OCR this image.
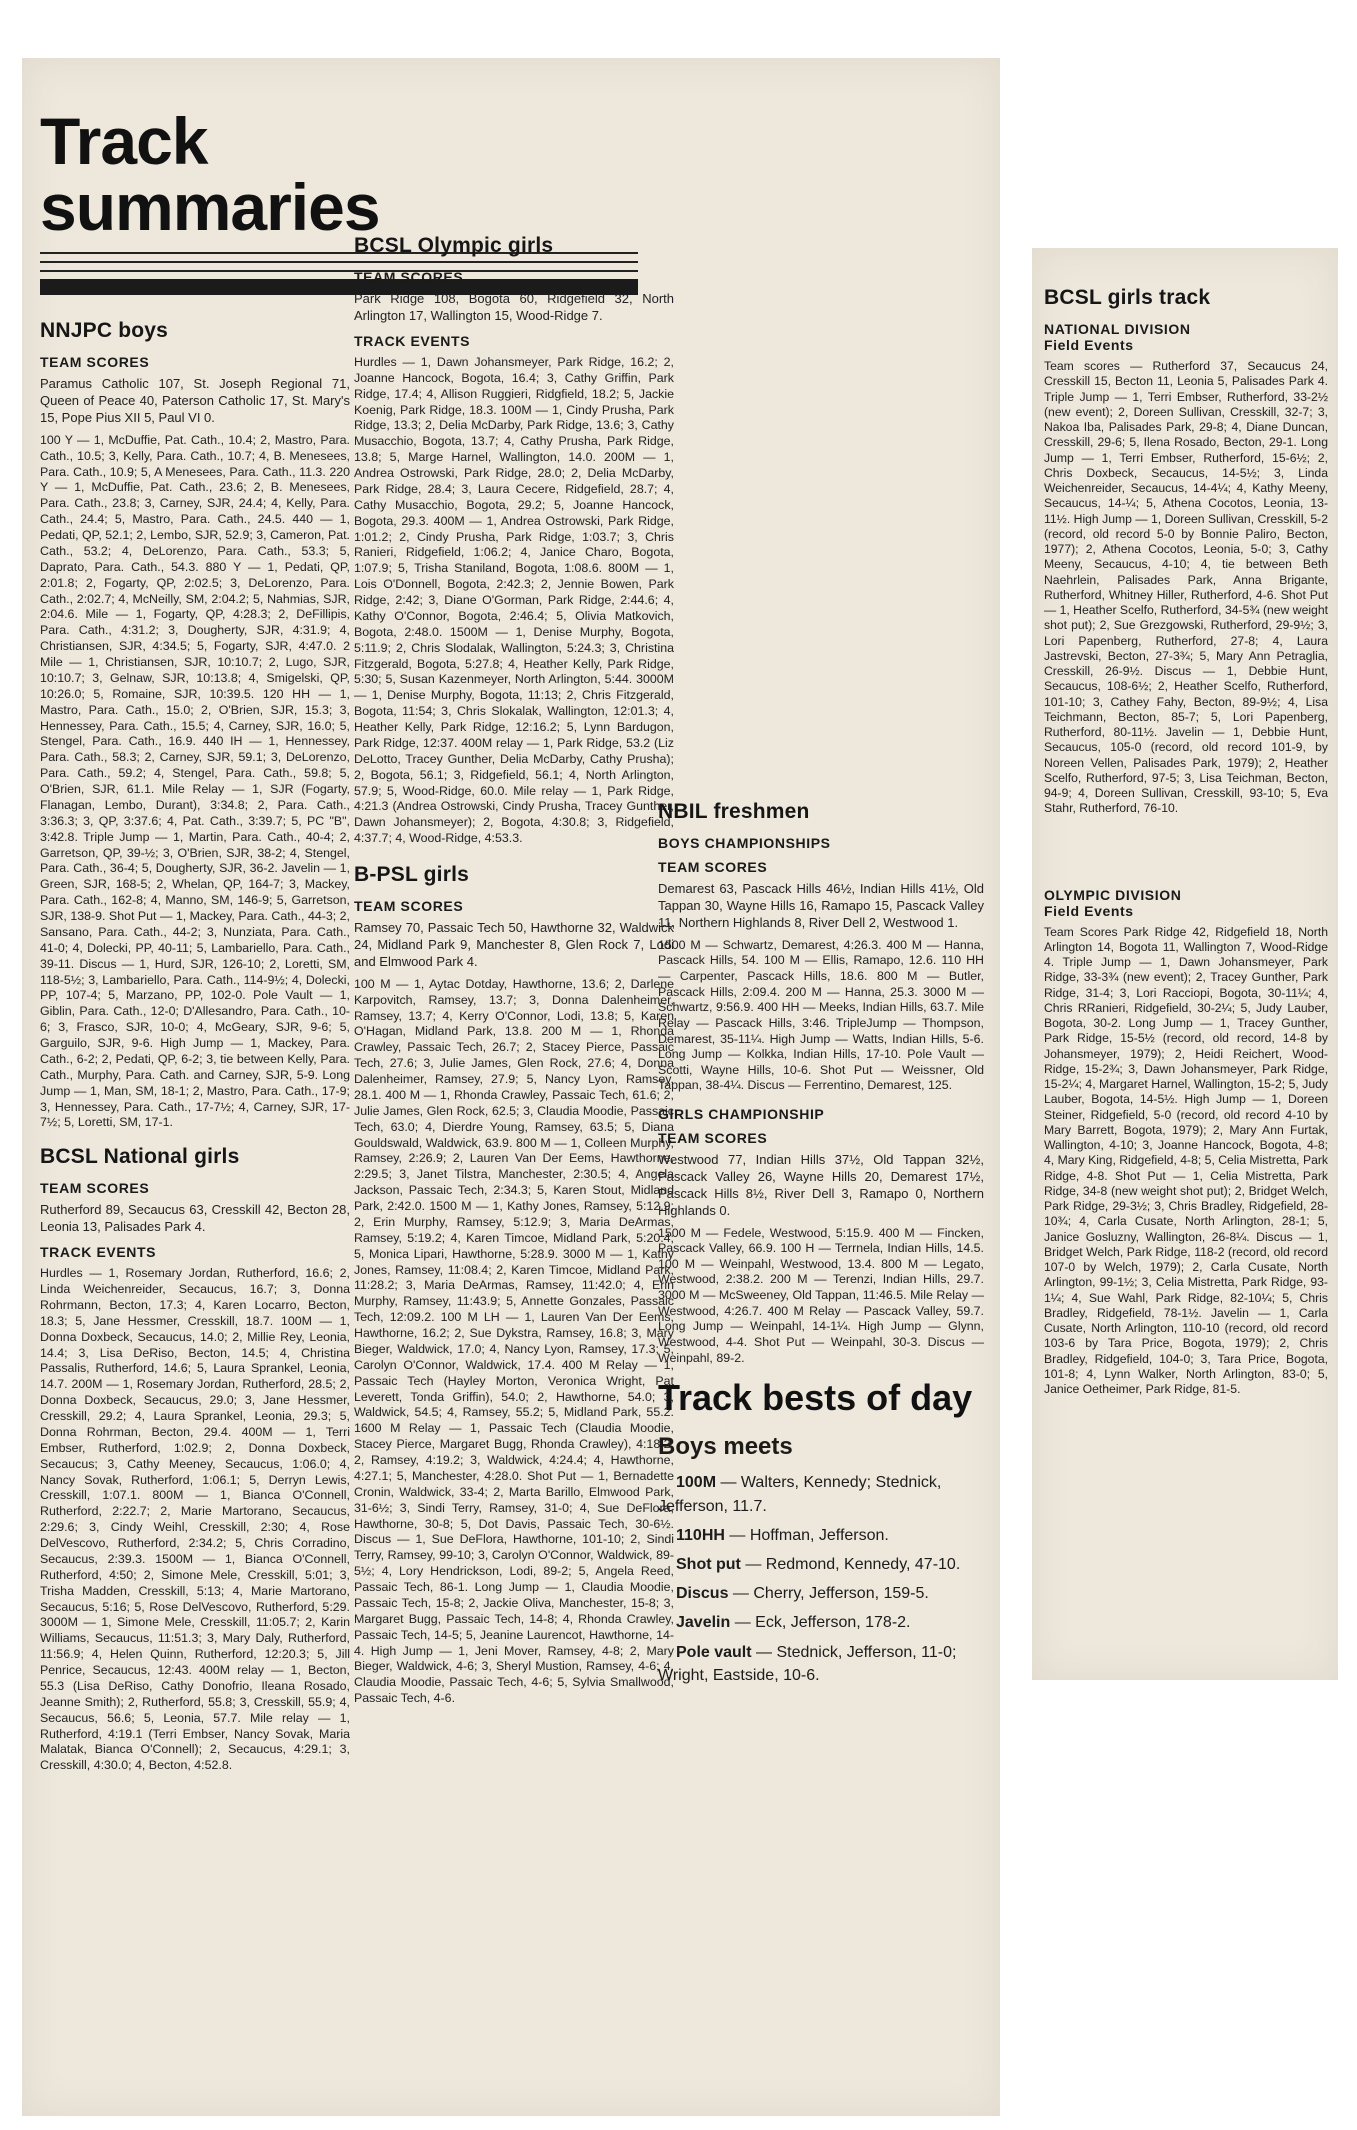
Track summaries
NNJPC boys
TEAM SCORES

Paramus Catholic 107, St. Joseph Regional 71, Queen of Peace 40, Paterson Catholic 17, St. Mary's 15, Pope Pius XII 5, Paul VI 0.

100 Y — 1, McDuffie, Pat. Cath., 10.4; 2, Mastro, Para. Cath., 10.5; 3, Kelly, Para. Cath., 10.7; 4, B. Menesees, Para. Cath., 10.9; 5, A Menesees, Para. Cath., 11.3. 220 Y — 1, McDuffie, Pat. Cath., 23.6; 2, B. Menesees, Para. Cath., 23.8; 3, Carney, SJR, 24.4; 4, Kelly, Para. Cath., 24.4; 5, Mastro, Para. Cath., 24.5. 440 — 1, Pedati, QP, 52.1; 2, Lembo, SJR, 52.9; 3, Cameron, Pat. Cath., 53.2; 4, DeLorenzo, Para. Cath., 53.3; 5, Daprato, Para. Cath., 54.3. 880 Y — 1, Pedati, QP, 2:01.8; 2, Fogarty, QP, 2:02.5; 3, DeLorenzo, Para. Cath., 2:02.7; 4, McNeilly, SM, 2:04.2; 5, Nahmias, SJR, 2:04.6. Mile — 1, Fogarty, QP, 4:28.3; 2, DeFillipis, Para. Cath., 4:31.2; 3, Dougherty, SJR, 4:31.9; 4, Christiansen, SJR, 4:34.5; 5, Fogarty, SJR, 4:47.0. 2 Mile — 1, Christiansen, SJR, 10:10.7; 2, Lugo, SJR, 10:10.7; 3, Gelnaw, SJR, 10:13.8; 4, Smigelski, QP, 10:26.0; 5, Romaine, SJR, 10:39.5. 120 HH — 1, Mastro, Para. Cath., 15.0; 2, O'Brien, SJR, 15.3; 3, Hennessey, Para. Cath., 15.5; 4, Carney, SJR, 16.0; 5, Stengel, Para. Cath., 16.9. 440 IH — 1, Hennessey, Para. Cath., 58.3; 2, Carney, SJR, 59.1; 3, DeLorenzo, Para. Cath., 59.2; 4, Stengel, Para. Cath., 59.8; 5, O'Brien, SJR, 61.1. Mile Relay — 1, SJR (Fogarty, Flanagan, Lembo, Durant), 3:34.8; 2, Para. Cath., 3:36.3; 3, QP, 3:37.6; 4, Pat. Cath., 3:39.7; 5, PC "B", 3:42.8. Triple Jump — 1, Martin, Para. Cath., 40-4; 2, Garretson, QP, 39-½; 3, O'Brien, SJR, 38-2; 4, Stengel, Para. Cath., 36-4; 5, Dougherty, SJR, 36-2. Javelin — 1, Green, SJR, 168-5; 2, Whelan, QP, 164-7; 3, Mackey, Para. Cath., 162-8; 4, Manno, SM, 146-9; 5, Garretson, SJR, 138-9. Shot Put — 1, Mackey, Para. Cath., 44-3; 2, Sansano, Para. Cath., 44-2; 3, Nunziata, Para. Cath., 41-0; 4, Dolecki, PP, 40-11; 5, Lambariello, Para. Cath., 39-11. Discus — 1, Hurd, SJR, 126-10; 2, Loretti, SM, 118-5½; 3, Lambariello, Para. Cath., 114-9½; 4, Dolecki, PP, 107-4; 5, Marzano, PP, 102-0. Pole Vault — 1, Giblin, Para. Cath., 12-0; D'Allesandro, Para. Cath., 10-6; 3, Frasco, SJR, 10-0; 4, McGeary, SJR, 9-6; 5, Garguilo, SJR, 9-6. High Jump — 1, Mackey, Para. Cath., 6-2; 2, Pedati, QP, 6-2; 3, tie between Kelly, Para. Cath., Murphy, Para. Cath. and Carney, SJR, 5-9. Long Jump — 1, Man, SM, 18-1; 2, Mastro, Para. Cath., 17-9; 3, Hennessey, Para. Cath., 17-7½; 4, Carney, SJR, 17-7½; 5, Loretti, SM, 17-1.

BCSL National girls
TEAM SCORES

Rutherford 89, Secaucus 63, Cresskill 42, Becton 28, Leonia 13, Palisades Park 4.

TRACK EVENTS

Hurdles — 1, Rosemary Jordan, Rutherford, 16.6; 2, Linda Weichenreider, Secaucus, 16.7; 3, Donna Rohrmann, Becton, 17.3; 4, Karen Locarro, Becton, 18.3; 5, Jane Hessmer, Cresskill, 18.7. 100M — 1, Donna Doxbeck, Secaucus, 14.0; 2, Millie Rey, Leonia, 14.4; 3, Lisa DeRiso, Becton, 14.5; 4, Christina Passalis, Rutherford, 14.6; 5, Laura Sprankel, Leonia, 14.7. 200M — 1, Rosemary Jordan, Rutherford, 28.5; 2, Donna Doxbeck, Secaucus, 29.0; 3, Jane Hessmer, Cresskill, 29.2; 4, Laura Sprankel, Leonia, 29.3; 5, Donna Rohrman, Becton, 29.4. 400M — 1, Terri Embser, Rutherford, 1:02.9; 2, Donna Doxbeck, Secaucus; 3, Cathy Meeney, Secaucus, 1:06.0; 4, Nancy Sovak, Rutherford, 1:06.1; 5, Derryn Lewis, Cresskill, 1:07.1. 800M — 1, Bianca O'Connell, Rutherford, 2:22.7; 2, Marie Martorano, Secaucus, 2:29.6; 3, Cindy Weihl, Cresskill, 2:30; 4, Rose DelVescovo, Rutherford, 2:34.2; 5, Chris Corradino, Secaucus, 2:39.3. 1500M — 1, Bianca O'Connell, Rutherford, 4:50; 2, Simone Mele, Cresskill, 5:01; 3, Trisha Madden, Cresskill, 5:13; 4, Marie Martorano, Secaucus, 5:16; 5, Rose DelVescovo, Rutherford, 5:29. 3000M — 1, Simone Mele, Cresskill, 11:05.7; 2, Karin Williams, Secaucus, 11:51.3; 3, Mary Daly, Rutherford, 11:56.9; 4, Helen Quinn, Rutherford, 12:20.3; 5, Jill Penrice, Secaucus, 12:43. 400M relay — 1, Becton, 55.3 (Lisa DeRiso, Cathy Donofrio, Ileana Rosado, Jeanne Smith); 2, Rutherford, 55.8; 3, Cresskill, 55.9; 4, Secaucus, 56.6; 5, Leonia, 57.7. Mile relay — 1, Rutherford, 4:19.1 (Terri Embser, Nancy Sovak, Maria Malatak, Bianca O'Connell); 2, Secaucus, 4:29.1; 3, Cresskill, 4:30.0; 4, Becton, 4:52.8.

BCSL Olympic girls
TEAM SCORES

Park Ridge 108, Bogota 60, Ridgefield 32, North Arlington 17, Wallington 15, Wood-Ridge 7.

TRACK EVENTS

Hurdles — 1, Dawn Johansmeyer, Park Ridge, 16.2; 2, Joanne Hancock, Bogota, 16.4; 3, Cathy Griffin, Park Ridge, 17.4; 4, Allison Ruggieri, Ridgfield, 18.2; 5, Jackie Koenig, Park Ridge, 18.3. 100M — 1, Cindy Prusha, Park Ridge, 13.3; 2, Delia McDarby, Park Ridge, 13.6; 3, Cathy Musacchio, Bogota, 13.7; 4, Cathy Prusha, Park Ridge, 13.8; 5, Marge Harnel, Wallington, 14.0. 200M — 1, Andrea Ostrowski, Park Ridge, 28.0; 2, Delia McDarby, Park Ridge, 28.4; 3, Laura Cecere, Ridgefield, 28.7; 4, Cathy Musacchio, Bogota, 29.2; 5, Joanne Hancock, Bogota, 29.3. 400M — 1, Andrea Ostrowski, Park Ridge, 1:01.2; 2, Cindy Prusha, Park Ridge, 1:03.7; 3, Chris Ranieri, Ridgefield, 1:06.2; 4, Janice Charo, Bogota, 1:07.9; 5, Trisha Staniland, Bogota, 1:08.6. 800M — 1, Lois O'Donnell, Bogota, 2:42.3; 2, Jennie Bowen, Park Ridge, 2:42; 3, Diane O'Gorman, Park Ridge, 2:44.6; 4, Kathy O'Connor, Bogota, 2:46.4; 5, Olivia Matkovich, Bogota, 2:48.0. 1500M — 1, Denise Murphy, Bogota, 5:11.9; 2, Chris Slodalak, Wallington, 5:24.3; 3, Christina Fitzgerald, Bogota, 5:27.8; 4, Heather Kelly, Park Ridge, 5:30; 5, Susan Kazenmeyer, North Arlington, 5:44. 3000M — 1, Denise Murphy, Bogota, 11:13; 2, Chris Fitzgerald, Bogota, 11:54; 3, Chris Slokalak, Wallington, 12:01.3; 4, Heather Kelly, Park Ridge, 12:16.2; 5, Lynn Bardugon, Park Ridge, 12:37. 400M relay — 1, Park Ridge, 53.2 (Liz DeLotto, Tracey Gunther, Delia McDarby, Cathy Prusha); 2, Bogota, 56.1; 3, Ridgefield, 56.1; 4, North Arlington, 57.9; 5, Wood-Ridge, 60.0. Mile relay — 1, Park Ridge, 4:21.3 (Andrea Ostrowski, Cindy Prusha, Tracey Gunther, Dawn Johansmeyer); 2, Bogota, 4:30.8; 3, Ridgefield, 4:37.7; 4, Wood-Ridge, 4:53.3.

B-PSL girls
TEAM SCORES

Ramsey 70, Passaic Tech 50, Hawthorne 32, Waldwick 24, Midland Park 9, Manchester 8, Glen Rock 7, Lodi and Elmwood Park 4.

100 M — 1, Aytac Dotday, Hawthorne, 13.6; 2, Darlene Karpovitch, Ramsey, 13.7; 3, Donna Dalenheimer, Ramsey, 13.7; 4, Kerry O'Connor, Lodi, 13.8; 5, Karen O'Hagan, Midland Park, 13.8. 200 M — 1, Rhonda Crawley, Passaic Tech, 26.7; 2, Stacey Pierce, Passaic Tech, 27.6; 3, Julie James, Glen Rock, 27.6; 4, Donna Dalenheimer, Ramsey, 27.9; 5, Nancy Lyon, Ramsey, 28.1. 400 M — 1, Rhonda Crawley, Passaic Tech, 61.6; 2, Julie James, Glen Rock, 62.5; 3, Claudia Moodie, Passaic Tech, 63.0; 4, Dierdre Young, Ramsey, 63.5; 5, Diana Gouldswald, Waldwick, 63.9. 800 M — 1, Colleen Murphy, Ramsey, 2:26.9; 2, Lauren Van Der Eems, Hawthorne, 2:29.5; 3, Janet Tilstra, Manchester, 2:30.5; 4, Angela Jackson, Passaic Tech, 2:34.3; 5, Karen Stout, Midland Park, 2:42.0. 1500 M — 1, Kathy Jones, Ramsey, 5:12.9; 2, Erin Murphy, Ramsey, 5:12.9; 3, Maria DeArmas, Ramsey, 5:19.2; 4, Karen Timcoe, Midland Park, 5:20.4; 5, Monica Lipari, Hawthorne, 5:28.9. 3000 M — 1, Kathy Jones, Ramsey, 11:08.4; 2, Karen Timcoe, Midland Park, 11:28.2; 3, Maria DeArmas, Ramsey, 11:42.0; 4, Erin Murphy, Ramsey, 11:43.9; 5, Annette Gonzales, Passaic Tech, 12:09.2. 100 M LH — 1, Lauren Van Der Eems, Hawthorne, 16.2; 2, Sue Dykstra, Ramsey, 16.8; 3, Mary Bieger, Waldwick, 17.0; 4, Nancy Lyon, Ramsey, 17.3; 5, Carolyn O'Connor, Waldwick, 17.4. 400 M Relay — 1, Passaic Tech (Hayley Morton, Veronica Wright, Pat Leverett, Tonda Griffin), 54.0; 2, Hawthorne, 54.0; 3, Waldwick, 54.5; 4, Ramsey, 55.2; 5, Midland Park, 55.2. 1600 M Relay — 1, Passaic Tech (Claudia Moodie, Stacey Pierce, Margaret Bugg, Rhonda Crawley), 4:18.2; 2, Ramsey, 4:19.2; 3, Waldwick, 4:24.4; 4, Hawthorne, 4:27.1; 5, Manchester, 4:28.0. Shot Put — 1, Bernadette Cronin, Waldwick, 33-4; 2, Marta Barillo, Elmwood Park, 31-6½; 3, Sindi Terry, Ramsey, 31-0; 4, Sue DeFlora, Hawthorne, 30-8; 5, Dot Davis, Passaic Tech, 30-6½. Discus — 1, Sue DeFlora, Hawthorne, 101-10; 2, Sindi Terry, Ramsey, 99-10; 3, Carolyn O'Connor, Waldwick, 89-5½; 4, Lory Hendrickson, Lodi, 89-2; 5, Angela Reed, Passaic Tech, 86-1. Long Jump — 1, Claudia Moodie, Passaic Tech, 15-8; 2, Jackie Oliva, Manchester, 15-8; 3, Margaret Bugg, Passaic Tech, 14-8; 4, Rhonda Crawley, Passaic Tech, 14-5; 5, Jeanine Laurencot, Hawthorne, 14-4. High Jump — 1, Jeni Mover, Ramsey, 4-8; 2, Mary Bieger, Waldwick, 4-6; 3, Sheryl Mustion, Ramsey, 4-6; 4, Claudia Moodie, Passaic Tech, 4-6; 5, Sylvia Smallwood, Passaic Tech, 4-6.

NBIL freshmen
BOYS CHAMPIONSHIPS
TEAM SCORES

Demarest 63, Pascack Hills 46½, Indian Hills 41½, Old Tappan 30, Wayne Hills 16, Ramapo 15, Pascack Valley 11, Northern Highlands 8, River Dell 2, Westwood 1.

1500 M — Schwartz, Demarest, 4:26.3. 400 M — Hanna, Pascack Hills, 54. 100 M — Ellis, Ramapo, 12.6. 110 HH — Carpenter, Pascack Hills, 18.6. 800 M — Butler, Pascack Hills, 2:09.4. 200 M — Hanna, 25.3. 3000 M — Schwartz, 9:56.9. 400 HH — Meeks, Indian Hills, 63.7. Mile Relay — Pascack Hills, 3:46. TripleJump — Thompson, Demarest, 35-11¼. High Jump — Watts, Indian Hills, 5-6. Long Jump — Kolkka, Indian Hills, 17-10. Pole Vault — Scotti, Wayne Hills, 10-6. Shot Put — Weissner, Old Tappan, 38-4¼. Discus — Ferrentino, Demarest, 125.

GIRLS CHAMPIONSHIP
TEAM SCORES

Westwood 77, Indian Hills 37½, Old Tappan 32½, Pascack Valley 26, Wayne Hills 20, Demarest 17½, Pascack Hills 8½, River Dell 3, Ramapo 0, Northern Highlands 0.

1500 M — Fedele, Westwood, 5:15.9. 400 M — Fincken, Pascack Valley, 66.9. 100 H — Terrnela, Indian Hills, 14.5. 100 M — Weinpahl, Westwood, 13.4. 800 M — Legato, Westwood, 2:38.2. 200 M — Terenzi, Indian Hills, 29.7. 3000 M — McSweeney, Old Tappan, 11:46.5. Mile Relay — Westwood, 4:26.7. 400 M Relay — Pascack Valley, 59.7. Long Jump — Weinpahl, 14-1¼. High Jump — Glynn, Westwood, 4-4. Shot Put — Weinpahl, 30-3. Discus — Weinpahl, 89-2.

Track bests of day
Boys meets

100M — Walters, Kennedy; Stednick, Jefferson, 11.7.

110HH — Hoffman, Jefferson.

Shot put — Redmond, Kennedy, 47-10.

Discus — Cherry, Jefferson, 159-5.

Javelin — Eck, Jefferson, 178-2.

Pole vault — Stednick, Jefferson, 11-0; Wright, Eastside, 10-6.

BCSL girls track
NATIONAL DIVISION
Field Events

Team scores — Rutherford 37, Secaucus 24, Cresskill 15, Becton 11, Leonia 5, Palisades Park 4. Triple Jump — 1, Terri Embser, Rutherford, 33-2½ (new event); 2, Doreen Sullivan, Cresskill, 32-7; 3, Nakoa Iba, Palisades Park, 29-8; 4, Diane Duncan, Cresskill, 29-6; 5, Ilena Rosado, Becton, 29-1. Long Jump — 1, Terri Embser, Rutherford, 15-6½; 2, Chris Doxbeck, Secaucus, 14-5½; 3, Linda Weichenreider, Secaucus, 14-4¼; 4, Kathy Meeny, Secaucus, 14-¼; 5, Athena Cocotos, Leonia, 13-11½. High Jump — 1, Doreen Sullivan, Cresskill, 5-2 (record, old record 5-0 by Bonnie Paliro, Becton, 1977); 2, Athena Cocotos, Leonia, 5-0; 3, Cathy Meeny, Secaucus, 4-10; 4, tie between Beth Naehrlein, Palisades Park, Anna Brigante, Rutherford, Whitney Hiller, Rutherford, 4-6. Shot Put — 1, Heather Scelfo, Rutherford, 34-5¾ (new weight shot put); 2, Sue Grezgowski, Rutherford, 29-9½; 3, Lori Papenberg, Rutherford, 27-8; 4, Laura Jastrevski, Becton, 27-3¾; 5, Mary Ann Petraglia, Cresskill, 26-9½. Discus — 1, Debbie Hunt, Secaucus, 108-6½; 2, Heather Scelfo, Rutherford, 101-10; 3, Cathey Fahy, Becton, 89-9½; 4, Lisa Teichmann, Becton, 85-7; 5, Lori Papenberg, Rutherford, 80-11½. Javelin — 1, Debbie Hunt, Secaucus, 105-0 (record, old record 101-9, by Noreen Vellen, Palisades Park, 1979); 2, Heather Scelfo, Rutherford, 97-5; 3, Lisa Teichman, Becton, 94-9; 4, Doreen Sullivan, Cresskill, 93-10; 5, Eva Stahr, Rutherford, 76-10.

OLYMPIC DIVISION
Field Events

Team Scores Park Ridge 42, Ridgefield 18, North Arlington 14, Bogota 11, Wallington 7, Wood-Ridge 4. Triple Jump — 1, Dawn Johansmeyer, Park Ridge, 33-3¾ (new event); 2, Tracey Gunther, Park Ridge, 31-4; 3, Lori Racciopi, Bogota, 30-11¼; 4, Chris RRanieri, Ridgefield, 30-2¼; 5, Judy Lauber, Bogota, 30-2. Long Jump — 1, Tracey Gunther, Park Ridge, 15-5½ (record, old record, 14-8 by Johansmeyer, 1979); 2, Heidi Reichert, Wood-Ridge, 15-2¾; 3, Dawn Johansmeyer, Park Ridge, 15-2¼; 4, Margaret Harnel, Wallington, 15-2; 5, Judy Lauber, Bogota, 14-5½. High Jump — 1, Doreen Steiner, Ridgefield, 5-0 (record, old record 4-10 by Mary Barrett, Bogota, 1979); 2, Mary Ann Furtak, Wallington, 4-10; 3, Joanne Hancock, Bogota, 4-8; 4, Mary King, Ridgefield, 4-8; 5, Celia Mistretta, Park Ridge, 4-8. Shot Put — 1, Celia Mistretta, Park Ridge, 34-8 (new weight shot put); 2, Bridget Welch, Park Ridge, 29-3½; 3, Chris Bradley, Ridgefield, 28-10¾; 4, Carla Cusate, North Arlington, 28-1; 5, Janice Gosluzny, Wallington, 26-8¼. Discus — 1, Bridget Welch, Park Ridge, 118-2 (record, old record 107-0 by Welch, 1979); 2, Carla Cusate, North Arlington, 99-1½; 3, Celia Mistretta, Park Ridge, 93-1¼; 4, Sue Wahl, Park Ridge, 82-10¼; 5, Chris Bradley, Ridgefield, 78-1½. Javelin — 1, Carla Cusate, North Arlington, 110-10 (record, old record 103-6 by Tara Price, Bogota, 1979); 2, Chris Bradley, Ridgefield, 104-0; 3, Tara Price, Bogota, 101-8; 4, Lynn Walker, North Arlington, 83-0; 5, Janice Oetheimer, Park Ridge, 81-5.
